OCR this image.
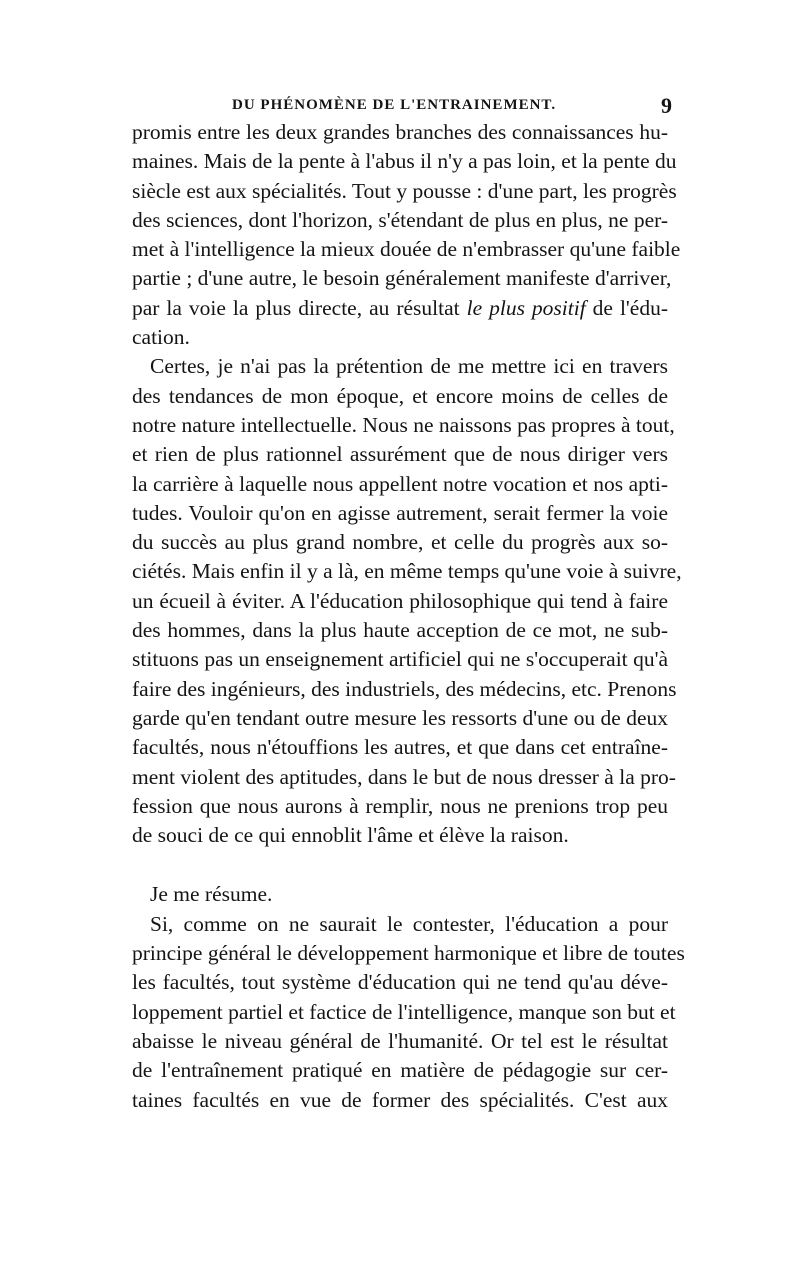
DU PHÉNOMÈNE DE L'ENTRAINEMENT.	9
promis entre les deux grandes branches des connaissances hu-
maines. Mais de la pente à l'abus il n'y a pas loin, et la pente du
siècle est aux spécialités. Tout y pousse : d'une part, les progrès
des sciences, dont l'horizon, s'étendant de plus en plus, ne per-
met à l'intelligence la mieux douée de n'embrasser qu'une faible
partie ; d'une autre, le besoin généralement manifeste d'arriver,
par la voie la plus directe, au résultat le plus positif de l'édu-
cation.
Certes, je n'ai pas la prétention de me mettre ici en travers
des tendances de mon époque, et encore moins de celles de
notre nature intellectuelle. Nous ne naissons pas propres à tout,
et rien de plus rationnel assurément que de nous diriger vers
la carrière à laquelle nous appellent notre vocation et nos apti-
tudes. Vouloir qu'on en agisse autrement, serait fermer la voie
du succès au plus grand nombre, et celle du progrès aux so-
ciétés. Mais enfin il y a là, en même temps qu'une voie à suivre,
un écueil à éviter. A l'éducation philosophique qui tend à faire
des hommes, dans la plus haute acception de ce mot, ne sub-
stituons pas un enseignement artificiel qui ne s'occuperait qu'à
faire des ingénieurs, des industriels, des médecins, etc. Prenons
garde qu'en tendant outre mesure les ressorts d'une ou de deux
facultés, nous n'étouffions les autres, et que dans cet entraîne-
ment violent des aptitudes, dans le but de nous dresser à la pro-
fession que nous aurons à remplir, nous ne prenions trop peu
de souci de ce qui ennoblit l'âme et élève la raison.
Je me résume.
Si, comme on ne saurait le contester, l'éducation a pour
principe général le développement harmonique et libre de toutes
les facultés, tout système d'éducation qui ne tend qu'au déve-
loppement partiel et factice de l'intelligence, manque son but et
abaisse le niveau général de l'humanité. Or tel est le résultat
de l'entraînement pratiqué en matière de pédagogie sur cer-
taines facultés en vue de former des spécialités. C'est aux
